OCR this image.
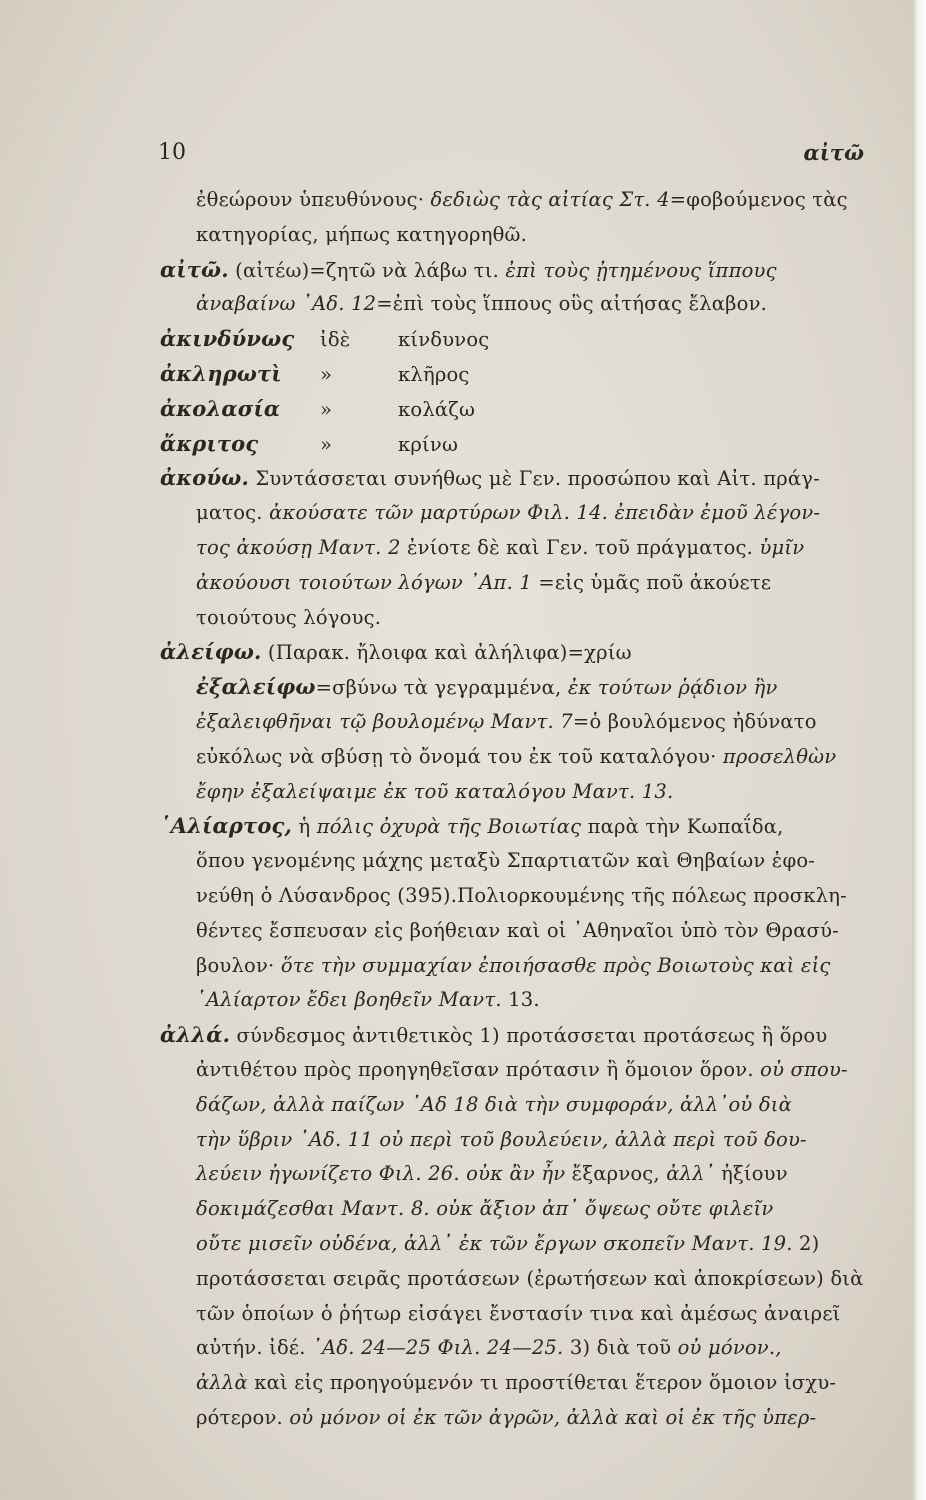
10	αἰτῶ
ἐθεώρουν ὑπευθύνους· δεδιὼς τὰς αἰτίας Στ. 4=φοβούμενος τὰς
κατηγορίας, μήπως κατηγορηθῶ.
αἰτῶ. (αἰτέω)=ζητῶ νὰ λάβω τι. ἐπὶ τοὺς ᾐτημένους ἵππους
ἀναβαίνω ᾿Αδ. 12=ἐπὶ τοὺς ἵππους οὓς αἰτήσας ἔλαβον.
ἀκινδύνως ἰδὲ κίνδυνος
ἀκληρωτὶ »	κλῆρος
ἀκολασία »	κολάζω
ἄκριτος	»	κρίνω
ἀκούω. Συντάσσεται συνήθως μὲ Γεν. προσώπου καὶ Αἰτ. πράγ-
ματος. ἀκούσατε τῶν μαρτύρων Φιλ. 14. ἐπειδὰν ἐμοῦ λέγον-
τος ἀκούσῃ Μαντ. 2 ἐνίοτε δὲ καὶ Γεν. τοῦ πράγματος. ὑμῖν
ἀκούουσι τοιούτων λόγων ᾿Απ. 1 =εἰς ὑμᾶς ποῦ ἀκούετε
τοιούτους λόγους.
ἀλείφω. (Παρακ. ἤλοιφα καὶ ἀλήλιφα)=χρίω
ἐξαλείφω=σβύνω τὰ γεγραμμένα, ἐκ τούτων ῥᾴδιον ἣν
ἐξαλειφθῆναι τῷ βουλομένῳ Μαντ. 7=ὁ βουλόμενος ἠδύνατο
εὐκόλως νὰ σβύσῃ τὸ ὄνομά του ἐκ τοῦ καταλόγου· προσελθὼν
ἔφην ἐξαλείψαιμε ἐκ τοῦ καταλόγου Μαντ. 13.
῾Αλίαρτος, ἡ πόλις ὀχυρὰ τῆς Βοιωτίας παρὰ τὴν Κωπαΐδα,
ὅπου γενομένης μάχης μεταξὺ Σπαρτιατῶν καὶ Θηβαίων ἐφο-
νεύθη ὁ Λύσανδρος (395).Πολιορκουμένης τῆς πόλεως προσκλη-
θέντες ἔσπευσαν εἰς βοήθειαν καὶ οἱ ᾿Αθηναῖοι ὑπὸ τὸν Θρασύ-
βουλον· ὅτε τὴν συμμαχίαν ἐποιήσασθε πρὸς Βοιωτοὺς καὶ εἰς
῾Αλίαρτον ἔδει βοηθεῖν Μαντ. 13.
ἀλλά. σύνδεσμος ἀντιθετικὸς 1) προτάσσεται προτάσεως ἢ ὅρου
ἀντιθέτου πρὸς προηγηθεῖσαν πρότασιν ἢ ὅμοιον ὅρον. οὐ σπου-
δάζων, ἀλλὰ παίζων ᾿Αδ 18 διὰ τὴν συμφοράν, ἀλλ᾿οὐ διὰ
τὴν ὕβριν ᾿Αδ. 11 οὐ περὶ τοῦ βουλεύειν, ἀλλὰ περὶ τοῦ δου-
λεύειν ἠγωνίζετο Φιλ. 26. οὐκ ἂν ἦν ἔξαρνος, ἀλλ᾿ ἠξίουν
δοκιμάζεσθαι Μαντ. 8. οὐκ ἄξιον ἀπ᾿ ὄψεως οὔτε φιλεῖν
οὔτε μισεῖν οὐδένα, ἀλλ᾿ ἐκ τῶν ἔργων σκοπεῖν Μαντ. 19. 2)
προτάσσεται σειρᾶς προτάσεων (ἐρωτήσεων καὶ ἀποκρίσεων) διὰ
τῶν ὁποίων ὁ ῥήτωρ εἰσάγει ἔνστασίν τινα καὶ ἀμέσως ἀναιρεῖ
αὐτήν. ἰδέ. ᾿Αδ. 24—25 Φιλ. 24—25. 3) διὰ τοῦ οὐ μόνον.,
ἀλλὰ καὶ εἰς προηγούμενόν τι προστίθεται ἕτερον ὅμοιον ἰσχυ-
ρότερον. οὐ μόνον οἱ ἐκ τῶν ἀγρῶν, ἀλλὰ καὶ οἱ ἐκ τῆς ὑπερ-
